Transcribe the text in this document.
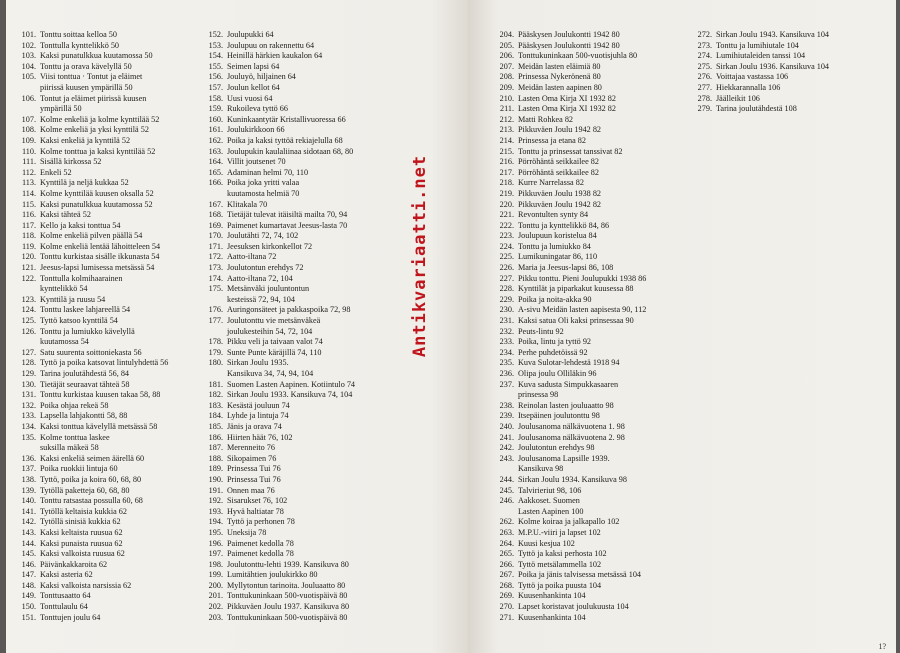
101. Tonttu soittaa kelloa 50
102. Tonttulla kynttelikkö 50
103. Kaksi punatulkkua kuutamossa 50
104. Tonttu ja orava kävelyllä 50
105. Viisi tonttua · Tontut ja eläimet
piirissä kuusen ympärillä 50
106. Tontut ja eläimet piirissä kuusen
ympärillä 50
107. Kolme enkeliä ja kolme kynttilää 52
108. Kolme enkeliä ja yksi kynttilä 52
109. Kaksi enkeliä ja kynttilä 52
110. Kolme tonttua ja kaksi kynttilää 52
111. Sisällä kirkossa 52
112. Enkeli 52
113. Kynttilä ja neljä kukkaa 52
114. Kolme kynttilää kuusen oksalla 52
115. Kaksi punatulkkua kuutamossa 52
116. Kaksi tähteä 52
117. Kello ja kaksi tonttua 54
118. Kolme enkeliä pilven päällä 54
119. Kolme enkeliä lentää lähoitteleen 54
120. Tonttu kurkistaa sisälle ikkunasta 54
121. Jeesus-lapsi lumisessa metsässä 54
122. Tonttulla kolmihaarainen
kynttelikkö 54
123. Kynttilä ja ruusu 54
124. Tonttu laskee lahjareellä 54
125. Tyttö katsoo kynttilä 54
126. Tonttu ja lumiukko kävelyllä
kuutamossa 54
127. Satu suurenta soittoniekasta 56
128. Tyttö ja poika katsovat lintulyhdettä 56
129. Tarina joulutähdestä 56, 84
130. Tietäjät seuraavat tähteä 58
131. Tonttu kurkistaa kuusen takaa 58, 88
132. Poika ohjaa rekeä 58
133. Lapsella lahjakontti 58, 88
134. Kaksi tonttua kävelyllä metsässä 58
135. Kolme tonttua laskee
suksilla mäkeä 58
136. Kaksi enkeliä seimen äärellä 60
137. Poika ruokkii lintuja 60
138. Tyttö, poika ja koira 60, 68, 80
139. Tytöllä paketteja 60, 68, 80
140. Tonttu ratsastaa possulla 60, 68
141. Tytöllä keltaisia kukkia 62
142. Tytöllä sinisiä kukkia 62
143. Kaksi keltaista ruusua 62
144. Kaksi punaista ruusua 62
145. Kaksi valkoista ruusua 62
146. Päivänkakkaroita 62
147. Kaksi asteria 62
148. Kaksi valkoista narsissia 62
149. Tonttusaatto 64
150. Tonttulaulu 64
151. Tonttujen joulu 64
152. Joulupukki 64
153. Joulupuu on rakennettu 64
154. Heinillä härkien kaukalon 64
155. Seimen lapsi 64
156. Jouluyö, hiljainen 64
157. Joulun kellot 64
158. Uusi vuosi 64
159. Rukoileva tyttö 66
160. Kuninkaantytär Kristallivuoressa 66
161. Joulukirkkoon 66
162. Poika ja kaksi tyttöä rekiajelulla 68
163. Joulupukin kaulaliinaa sidotaan 68, 80
164. Villit joutsenet 70
165. Adaminan helmi 70, 110
166. Poika joka yritti valaa
kuutamosta helmiä 70
167. Klitakala 70
168. Tietäjät tulevat itäisiltä mailta 70, 94
169. Paimenet kumartavat Jeesus-lasta 70
170. Joulutähti 72, 74, 102
171. Jeesuksen kirkonkellot 72
172. Aatto-iltana 72
173. Joulutontun erehdys 72
174. Aatto-iltana 72, 104
175. Metsänväki jouluntontun
kesteissä 72, 94, 104
176. Auringonsäteet ja pakkaspoika 72, 98
177. Joulutonttu vie metsänväkeä
joulukesteihin 54, 72, 104
178. Pikku veli ja taivaan valot 74
179. Sunte Punte käräjillä 74, 110
180. Sirkan Joulu 1935.
Kansikuva 34, 74, 94, 104
181. Suomen Lasten Aapinen. Kotiintulo 74
182. Sirkan Joulu 1933. Kansikuva 74, 104
183. Kesästä jouluun 74
184. Lyhde ja lintuja 74
185. Jänis ja orava 74
186. Hiirten häät 76, 102
187. Merenneito 76
188. Sikopaimen 76
189. Prinsessa Tui 76
190. Prinsessa Tui 76
191. Onnen maa 76
192. Sisarukset 76, 102
193. Hyvä haltiatar 78
194. Tyttö ja perhonen 78
195. Uneksija 78
196. Paimenet kedolla 78
197. Paimenet kedolla 78
198. Joulutonttu-lehti 1939. Kansikuva 80
199. Lumitähtien joulukirkko 80
200. Myllytontun tarinoita. Jouluaatto 80
201. Tonttukuninkaan 500-vuotispäivä 80
202. Pikkuväen Joulu 1937. Kansikuva 80
203. Tonttukuninkaan 500-vuotispäivä 80
Antikvariaatti.net
204. Pääskysen Joulukontti 1942 80
205. Pääskysen Joulukontti 1942 80
206. Tonttukuninkaan 500-vuotisjuhla 80
207. Meidän lasten eläimiä 80
208. Prinsessa Nykerönenä 80
209. Meidän lasten aapinen 80
210. Lasten Oma Kirja XI 1932 82
211. Lasten Oma Kirja XI 1932 82
212. Matti Rohkea 82
213. Pikkuväen Joulu 1942 82
214. Prinsessa ja etana 82
215. Tonttu ja prinsessat tanssivat 82
216. Pörröhäntä seikkailee 82
217. Pörröhäntä seikkailee 82
218. Kurre Narrelassa 82
219. Pikkuväen Joulu 1938 82
220. Pikkuväen Joulu 1942 82
221. Revontulten synty 84
222. Tonttu ja kynttelikkö 84, 86
223. Joulupuun koristelua 84
224. Tonttu ja lumiukko 84
225. Lumikuningatar 86, 110
226. Maria ja Jeesus-lapsi 86, 108
227. Pikku tonttu. Pieni Joulupukki 1938 86
228. Kynttilät ja piparkakut kuusessa 88
229. Poika ja noita-akka 90
230. A-sivu Meidän lasten aapisesta 90, 112
231. Kaksi satua Oli kaksi prinsessaa 90
232. Peuts-lintu 92
233. Poika, lintu ja tyttö 92
234. Perhe puhdetöissä 92
235. Kuva Sulotar-lehdestä 1918 94
236. Olipa joulu Olliläkin 96
237. Kuva sadusta Simpukkasaaren
prinsessa 98
238. Reinolan lasten jouluaatto 98
239. Itsepäinen joulutonttu 98
240. Joulusanoma nälkävuotena 1. 98
241. Joulusanoma nälkävuotena 2. 98
242. Joulutontun erehdys 98
243. Joulusanoma Lapsille 1939.
Kansikuva 98
244. Sirkan Joulu 1934. Kansikuva 98
245. Talvirieriut 98, 106
246. Aakkoset. Suomen
Lasten Aapinen 100
262. Kolme koiraa ja jalkapallo 102
263. M.P.U.-viiri ja lapset 102
264. Kuusi kesjua 102
265. Tyttö ja kaksi perhosta 102
266. Tyttö metsälammella 102
267. Poika ja jänis talvisessa metsässä 104
268. Tyttö ja poika puusta 104
269. Kuusenhankinta 104
270. Lapset koristavat joulukuusta 104
271. Kuusenhankinta 104
272. Sirkan Joulu 1943. Kansikuva 104
273. Tonttu ja lumihiutale 104
274. Lumihiutaleiden tanssi 104
275. Sirkan Joulu 1936. Kansikuva 104
276. Voittajaa vastassa 106
277. Hiekkarannalla 106
278. Jäälleikit 106
279. Tarina joulutähdestä 108
1?
